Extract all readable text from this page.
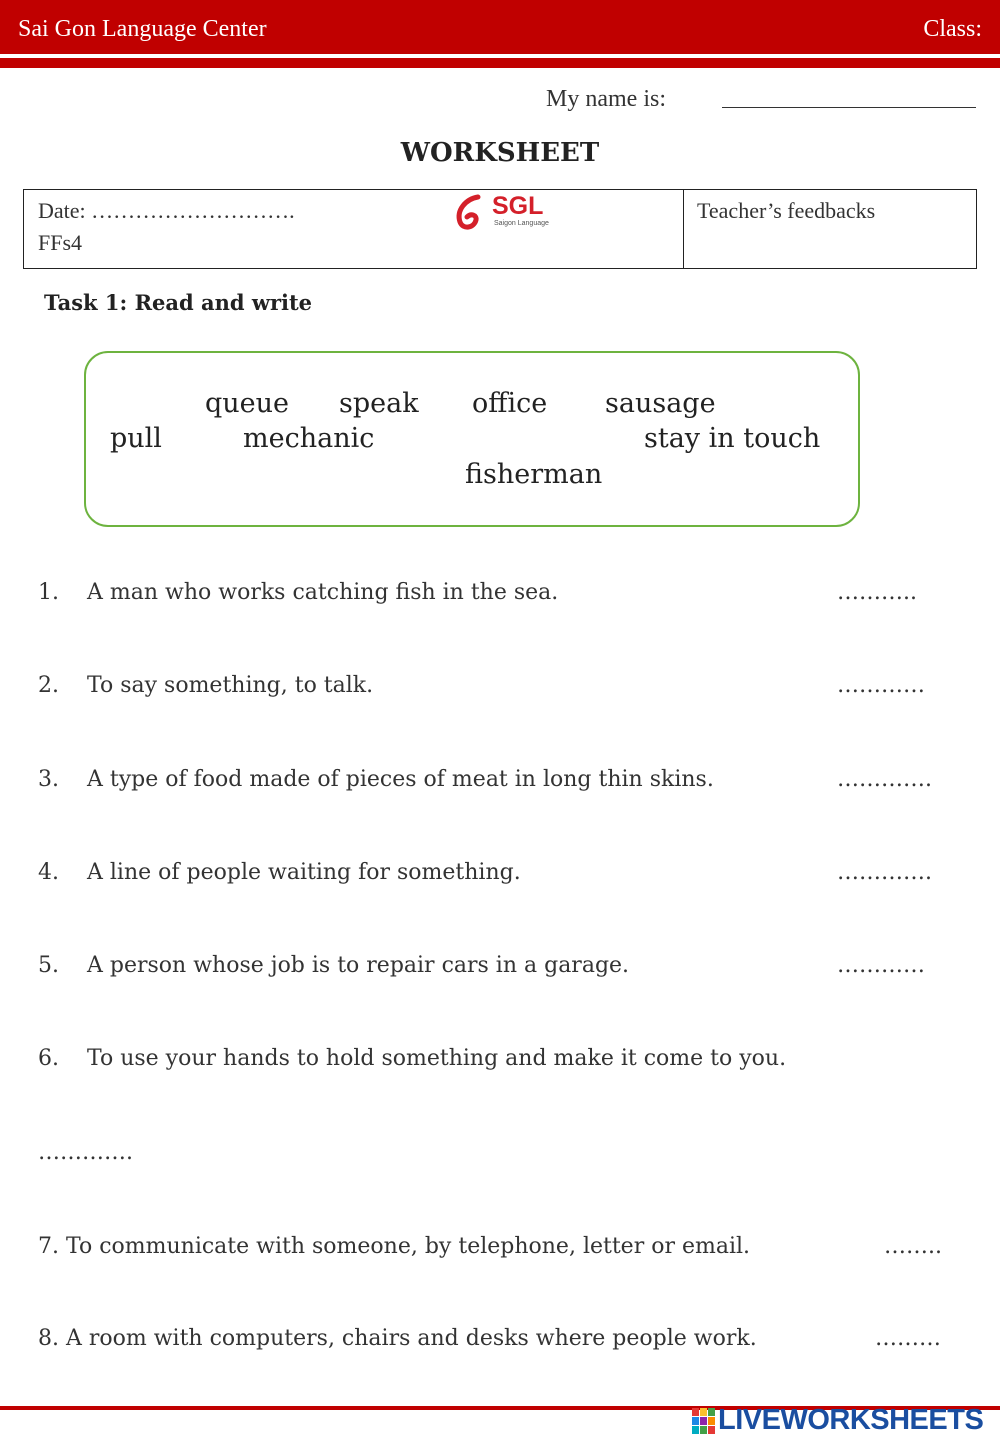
Sai Gon Language Center	Class:
My name is:
WORKSHEET
Date: ……………………….
FFs4
Teacher’s feedbacks
SGL
Saigon Language
Task 1: Read and write
queue speak office sausage
pull	mechanic	stay in touch
fisherman
1. A man who works catching fish in the sea.	………..
2. To say something, to talk.	…………
3. A type of food made of pieces of meat in long thin skins.	………….
4. A line of people waiting for something.	………….
5. A person whose job is to repair cars in a garage.	…………
6. To use your hands to hold something and make it come to you.
………….
7. To communicate with someone, by telephone, letter or email.	……..
8. A room with computers, chairs and desks where people work.	………
LIVEWORKSHEETS
